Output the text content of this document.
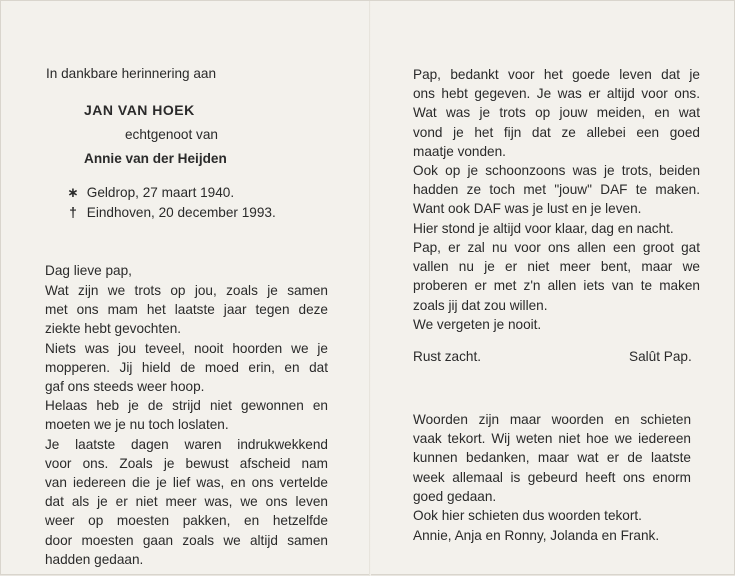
In dankbare herinnering aan
JAN VAN HOEK
echtgenoot van
Annie van der Heijden
∗ Geldrop, 27 maart 1940.
† Eindhoven, 20 december 1993.

Dag lieve pap,

Wat zijn we trots op jou, zoals je samen

met ons mam het laatste jaar tegen deze

ziekte hebt gevochten.

Niets was jou teveel, nooit hoorden we je

mopperen. Jij hield de moed erin, en dat

gaf ons steeds weer hoop.

Helaas heb je de strijd niet gewonnen en

moeten we je nu toch loslaten.

Je laatste dagen waren indrukwekkend

voor ons. Zoals je bewust afscheid nam

van iedereen die je lief was, en ons vertelde

dat als je er niet meer was, we ons leven

weer op moesten pakken, en hetzelfde

door moesten gaan zoals we altijd samen

hadden gedaan.

Pap, bedankt voor het goede leven dat je

ons hebt gegeven. Je was er altijd voor ons.

Wat was je trots op jouw meiden, en wat

vond je het fijn dat ze allebei een goed

maatje vonden.

Ook op je schoonzoons was je trots, beiden

hadden ze toch met "jouw" DAF te maken.

Want ook DAF was je lust en je leven.

Hier stond je altijd voor klaar, dag en nacht.

Pap, er zal nu voor ons allen een groot gat

vallen nu je er niet meer bent, maar we

proberen er met z'n allen iets van te maken

zoals jij dat zou willen.

We vergeten je nooit.

Rust zacht.	Salût Pap.

Woorden zijn maar woorden en schieten

vaak tekort. Wij weten niet hoe we iedereen

kunnen bedanken, maar wat er de laatste

week allemaal is gebeurd heeft ons enorm

goed gedaan.

Ook hier schieten dus woorden tekort.

Annie, Anja en Ronny, Jolanda en Frank.
